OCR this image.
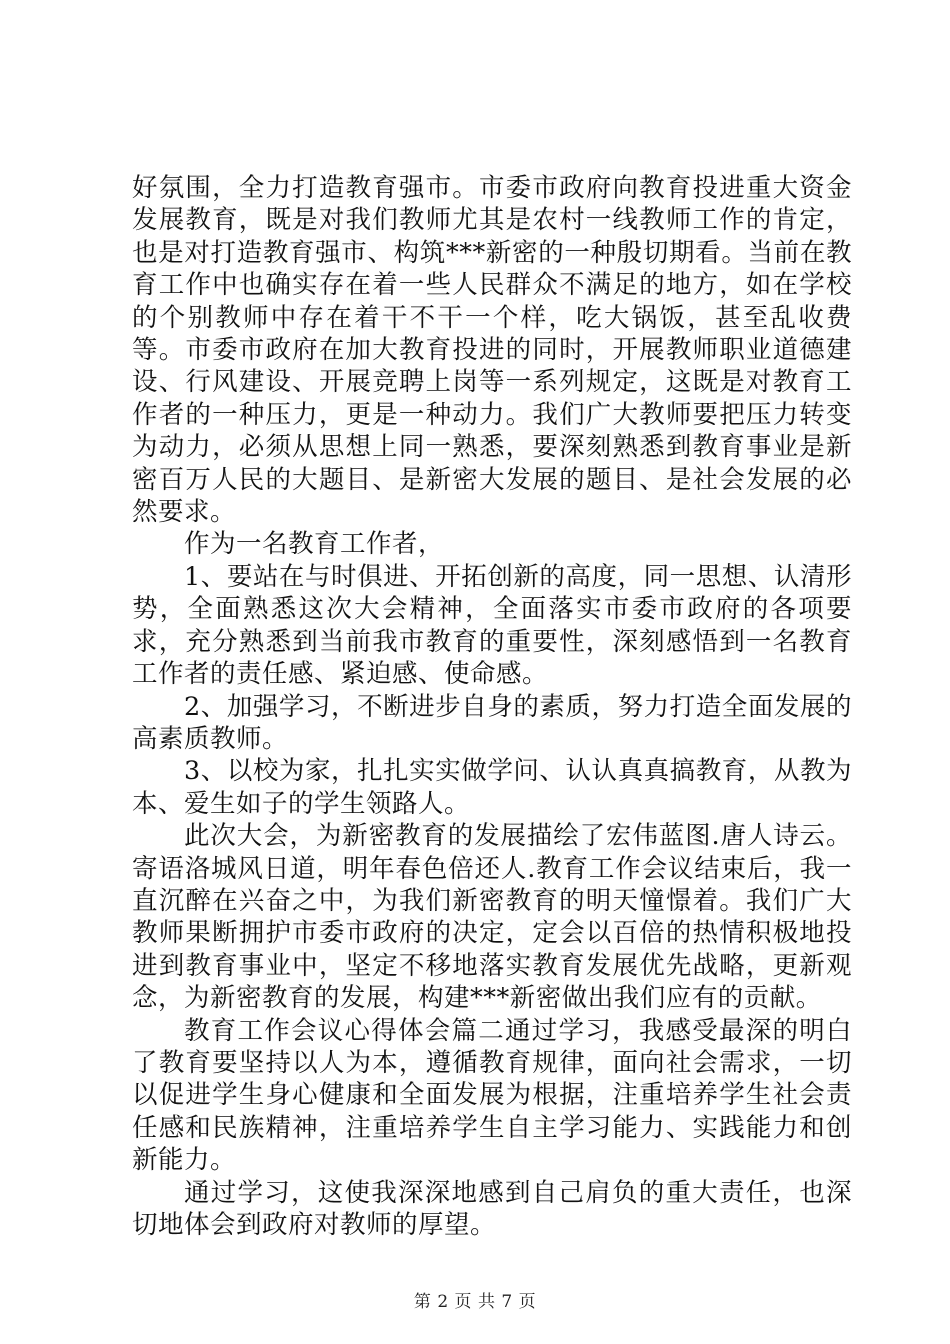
好氛围，全力打造教育强市。市委市政府向教育投进重大资金发展教育，既是对我们教师尤其是农村一线教师工作的肯定，也是对打造教育强市、构筑***新密的一种殷切期看。当前在教育工作中也确实存在着一些人民群众不满足的地方，如在学校的个别教师中存在着干不干一个样，吃大锅饭，甚至乱收费等。市委市政府在加大教育投进的同时，开展教师职业道德建设、行风建设、开展竞聘上岗等一系列规定，这既是对教育工作者的一种压力，更是一种动力。我们广大教师要把压力转变为动力，必须从思想上同一熟悉，要深刻熟悉到教育事业是新密百万人民的大题目、是新密大发展的题目、是社会发展的必然要求。

作为一名教育工作者，

1、要站在与时俱进、开拓创新的高度，同一思想、认清形势，全面熟悉这次大会精神，全面落实市委市政府的各项要求，充分熟悉到当前我市教育的重要性，深刻感悟到一名教育工作者的责任感、紧迫感、使命感。

2、加强学习，不断进步自身的素质，努力打造全面发展的高素质教师。

3、以校为家，扎扎实实做学问、认认真真搞教育，从教为本、爱生如子的学生领路人。

此次大会，为新密教育的发展描绘了宏伟蓝图.唐人诗云。寄语洛城风日道，明年春色倍还人.教育工作会议结束后，我一直沉醉在兴奋之中，为我们新密教育的明天憧憬着。我们广大教师果断拥护市委市政府的决定，定会以百倍的热情积极地投进到教育事业中，坚定不移地落实教育发展优先战略，更新观念，为新密教育的发展，构建***新密做出我们应有的贡献。

教育工作会议心得体会篇二通过学习，我感受最深的明白了教育要坚持以人为本，遵循教育规律，面向社会需求，一切以促进学生身心健康和全面发展为根据，注重培养学生社会责任感和民族精神，注重培养学生自主学习能力、实践能力和创新能力。

通过学习，这使我深深地感到自己肩负的重大责任，也深切地体会到政府对教师的厚望。

第 2 页 共 7 页
